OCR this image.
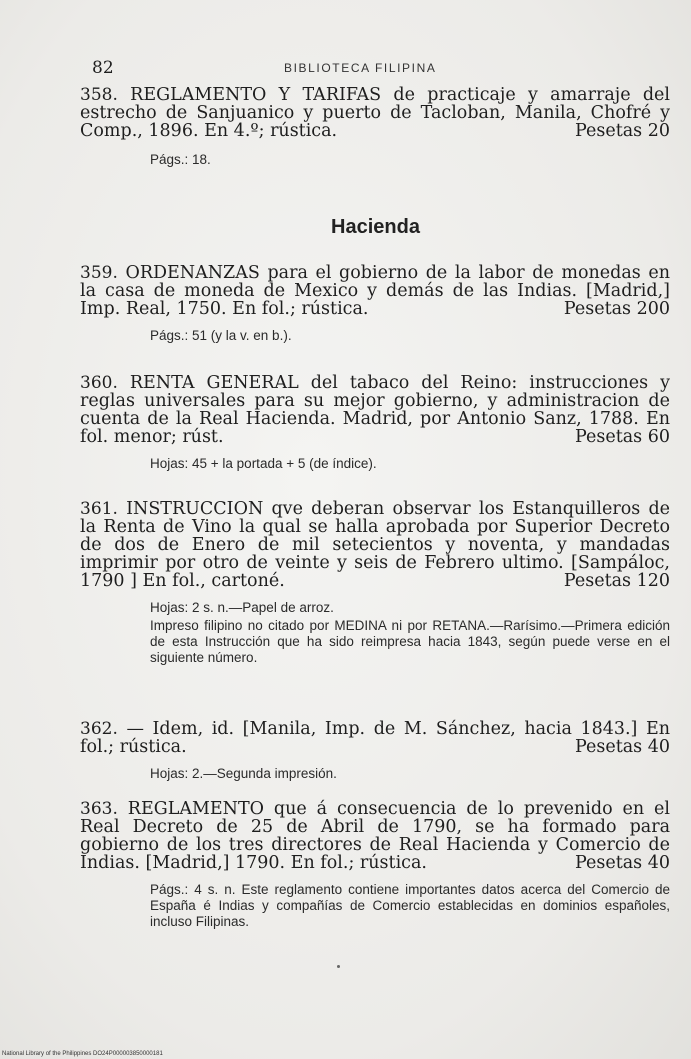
82	BIBLIOTECA FILIPINA
358. REGLAMENTO Y TARIFAS de practicaje y amarraje del estrecho de Sanjuanico y puerto de Tacloban, Manila, Chofré y Comp., 1896. En 4.º; rústica.	Pesetas 20
Págs.: 18.
Hacienda
359. ORDENANZAS para el gobierno de la labor de monedas en la casa de moneda de Mexico y demás de las Indias. [Madrid,] Imp. Real, 1750. En fol.; rústica.	Pesetas 200
Págs.: 51 (y la v. en b.).
360. RENTA GENERAL del tabaco del Reino: instrucciones y reglas universales para su mejor gobierno, y administracion de cuenta de la Real Hacienda. Madrid, por Antonio Sanz, 1788. En fol. menor; rúst.	Pesetas 60
Hojas: 45 + la portada + 5 (de índice).
361. INSTRUCCION qve deberan observar los Estanquilleros de la Renta de Vino la qual se halla aprobada por Superior Decreto de dos de Enero de mil setecientos y noventa, y mandadas imprimir por otro de veinte y seis de Febrero ultimo. [Sampáloc, 1790 ] En fol., cartoné.	Pesetas 120
Hojas: 2 s. n.—Papel de arroz.
Impreso filipino no citado por MEDINA ni por RETANA.—Rarísimo.—Primera edición de esta Instrucción que ha sido reimpresa hacia 1843, según puede verse en el siguiente número.
362. — Idem, id. [Manila, Imp. de M. Sánchez, hacia 1843.] En fol.; rústica.	Pesetas 40
Hojas: 2.—Segunda impresión.
363. REGLAMENTO que á consecuencia de lo prevenido en el Real Decreto de 25 de Abril de 1790, se ha formado para gobierno de los tres directores de Real Hacienda y Comercio de Indias. [Madrid,] 1790. En fol.; rústica.	Pesetas 40
Págs.: 4 s. n. Este reglamento contiene importantes datos acerca del Comercio de España é Indias y compañías de Comercio establecidas en dominios españoles, incluso Filipinas.
National Library of the Philippines DO24P000003850000181
